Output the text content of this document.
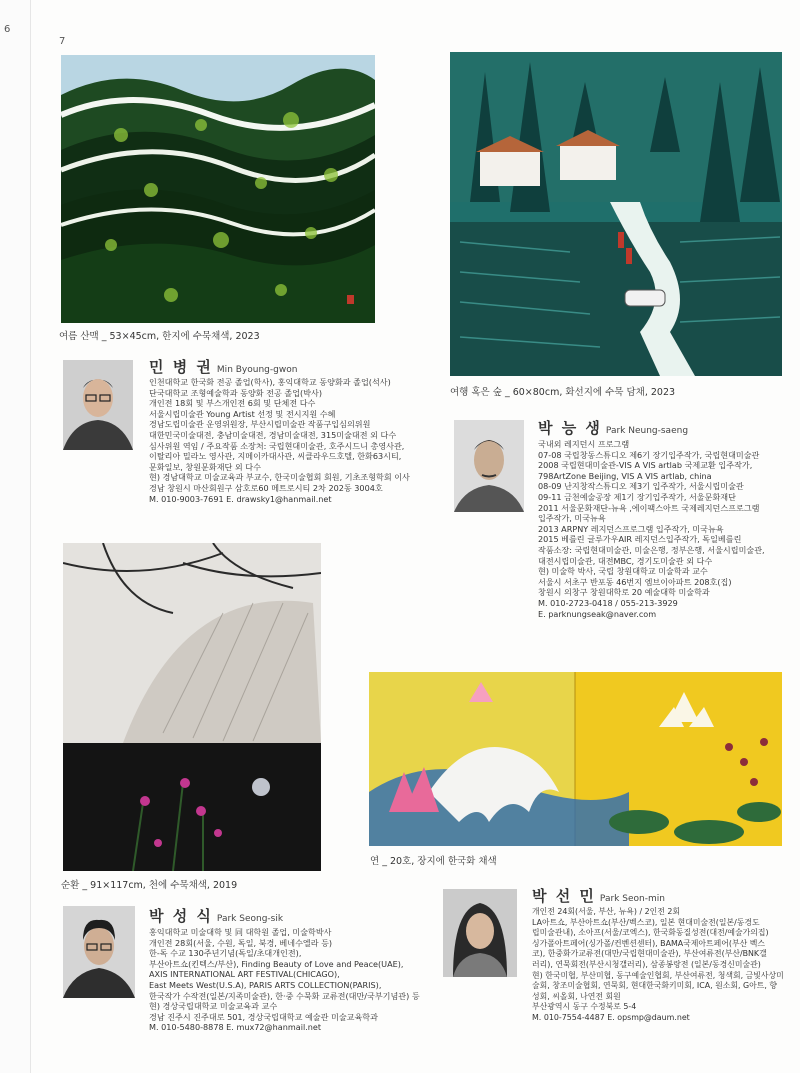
6
7
여름 산맥 _ 53×45cm, 한지에 수묵채색, 2023
여행 혹은 숲 _ 60×80cm, 화선지에 수묵 담채, 2023
민 병 권 Min Byoung-gwon
인천대학교 한국화 전공 졸업(학사), 홍익대학교 동양화과 졸업(석사)
단국대학교 조형예술학과 동양화 전공 졸업(박사)
개인전 18회 및 부스개인전 6회 및 단체전 다수
서울시립미술관 Young Artist 선정 및 전시지원 수혜
경남도립미술관 운영위원장, 부산시립미술관 작품구입심의위원
대한민국미술대전, 충남미술대전, 경남미술대전, 315미술대전 외 다수
심사위원 역임 / 주요작품 소장처: 국립현대미술관, 호주시드니 총영사관,
이탈리아 밀라노 영사관, 지메이카대사관, 씨클라우드호텔, 한화63시티,
문화일보, 창원문화재단 외 다수
현) 경남대학교 미술교육과 부교수, 한국미술협회 회원, 기초조형학회 이사
경남 창원시 마산회원구 삼호로60 메트로시티 2차 202동 3004호
M. 010-9003-7691 E. drawsky1@hanmail.net
박 능 생 Park Neung-saeng
국내외 레지던시 프로그램
07-08 국립창동스튜디오 제6기 장기입주작가, 국립현대미술관
2008 국립현대미술관-VIS A VIS artlab 국제교환 입주작가,
798ArtZone Beijing, VIS A VIS artlab, china
08-09 난지창작스튜디오 제3기 입주작가, 서울시립미술관
09-11 금천예술공장 제1기 장기입주작가, 서울문화재단
2011 서울문화재단-뉴욕 ,에이팩스아트 국제레지던스프로그램
입주작가, 미국뉴욕
2013 ARPNY 레지던스프로그램 입주작가, 미국뉴욕
2015 베를린 글루가우AIR 레지던스입주작가, 독일베를린
작품소장: 국립현대미술관, 미술은행, 정부은행, 서울시립미술관,
대전시립미술관, 대전MBC, 경기도미술관 외 다수
현) 미술학 박사, 국립 창원대학교 미술학과 교수
서울시 서초구 반포동 46번지 엠브이아파트 208호(집)
창원시 의창구 창원대학로 20 예술대학 미술학과
M. 010-2723-0418 / 055-213-3929
E. parknungseak@naver.com
순환 _ 91×117cm, 천에 수묵채색, 2019
연 _ 20호, 장지에 한국화 채색
박 성 식 Park Seong-sik
홍익대학교 미술대학 및 同 대학원 졸업, 미술학박사
개인전 28회(서울, 수원, 독일, 북경, 베네수엘라 등)
한-독 수교 130주년기념(독일/초대개인전),
부산아트쇼(킨텍스/부산), Finding Beauty of Love and Peace(UAE),
AXIS INTERNATIONAL ART FESTIVAL(CHICAGO),
East Meets West(U.S.A), PARIS ARTS COLLECTION(PARIS),
한국작가 수작전(일본/지족미술관), 한·중 수묵화 교류전(대만/국부기념관) 등
현) 경상국립대학교 미술교육과 교수
경남 진주시 진주대로 501, 경상국립대학교 예술관 미술교육학과
M. 010-5480-8878 E. mux72@hanmail.net
박 선 민 Park Seon-min
개인전 24회(서울, 부산, 뉴욕) / 2인전 2회
LA아트쇼, 부산아트쇼(부산/벡스코), 일본 현대미술전(일본/동경도
립미술관내), 소아프(서울/코엑스), 한국화동질성전(대전/예술가의집)
싱가폴아트페어(싱가폴/컨벤션센터), BAMA국제아트페어(부산 벡스
코), 한중화가교류전(대만/국립현대미술관), 부산여류전(부산/BNK갤
러리), 연묵회전(부산시청갤러리), 삼종봉랑전 (일본/동경신미술관)
현) 한국미협, 부산미협, 동구예술인협회, 부산여류전, 청색회, 금빛사상미
술회, 창조미술협회, 연묵회, 현대한국화키미회, ICA, 원소회, G아트, 향
성회, 씨올회, 나연전 회원
부산광역시 동구 수정북로 5-4
M. 010-7554-4487 E. opsmp@daum.net
